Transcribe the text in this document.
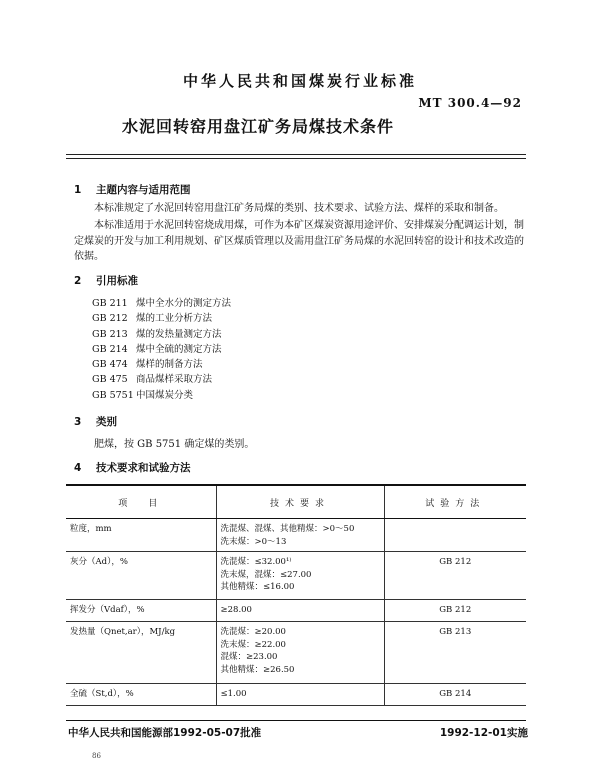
中华人民共和国煤炭行业标准
MT 300.4—92
水泥回转窑用盘江矿务局煤技术条件
1 主题内容与适用范围
本标准规定了水泥回转窑用盘江矿务局煤的类别、技术要求、试验方法、煤样的采取和制备。
本标准适用于水泥回转窑烧成用煤，可作为本矿区煤炭资源用途评价、安排煤炭分配调运计划，制定煤炭的开发与加工利用规划、矿区煤质管理以及需用盘江矿务局煤的水泥回转窑的设计和技术改造的依据。
2 引用标准
GB 211 煤中全水分的测定方法
GB 212 煤的工业分析方法
GB 213 煤的发热量测定方法
GB 214 煤中全硫的测定方法
GB 474 煤样的制备方法
GB 475 商品煤样采取方法
GB 5751 中国煤炭分类
3 类别
肥煤，按 GB 5751 确定煤的类别。
4 技术要求和试验方法
项　目	技术要求	试验方法
粒度，mm	洗混煤、混煤、其他精煤：>0～50
洗末煤：>0～13	

灰分（Ad），%	洗混煤：≤32.00¹⁾
洗末煤，混煤：≤27.00
其他精煤：≤16.00	GB 212
挥发分（Vdaf），%	≥28.00	GB 212
发热量（Qnet,ar），MJ/kg	洗混煤：≥20.00
洗末煤：≥22.00
混煤：≥23.00
其他精煤：≥26.50	GB 213
全硫（St,d），%	≤1.00	GB 214
中华人民共和国能源部1992-05-07批准	1992-12-01实施
86
